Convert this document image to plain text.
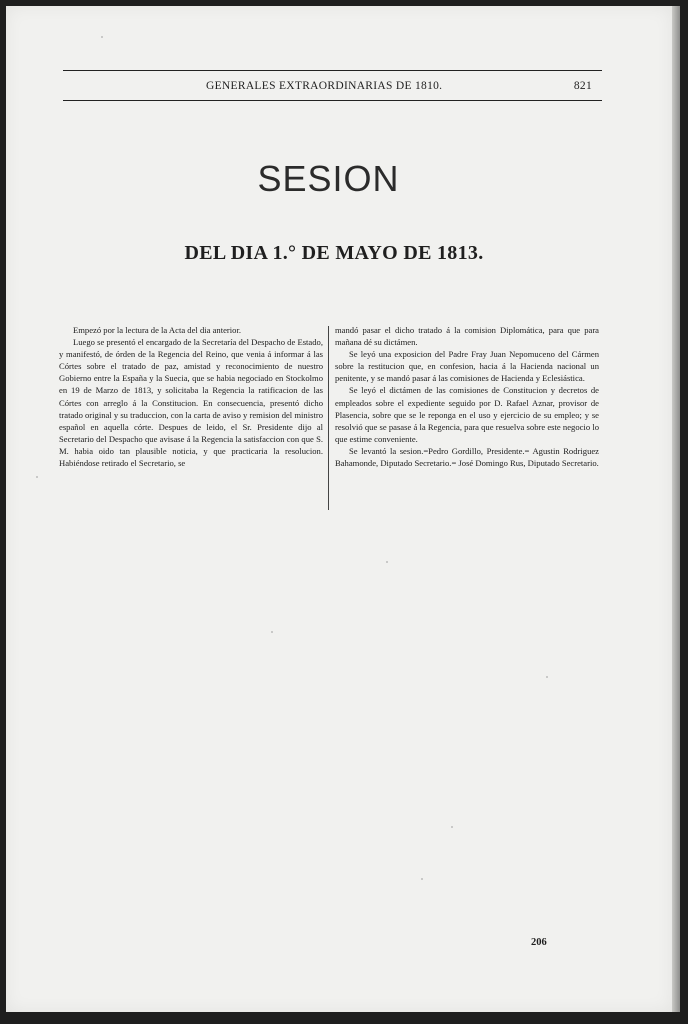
GENERALES EXTRAORDINARIAS DE 1810.	821
SESION
DEL DIA 1.° DE MAYO DE 1813.

Empezó por la lectura de la Acta del dia anterior.

Luego se presentó el encargado de la Secretaría del Despacho de Estado, y manifestó, de órden de la Regencia del Reino, que venia á informar á las Córtes sobre el tratado de paz, amistad y reconocimiento de nuestro Gobierno entre la España y la Suecia, que se habia negociado en Stockolmo en 19 de Marzo de 1813, y solicitaba la Regencia la ratificacion de las Córtes con arreglo á la Constitucion. En consecuencia, presentó dicho tratado original y su traduccion, con la carta de aviso y remision del ministro español en aquella córte. Despues de leido, el Sr. Presidente dijo al Secretario del Despacho que avisase á la Regencia la satisfaccion con que S. M. habia oido tan plausible noticia, y que practicaria la resolucion. Habiéndose retirado el Secretario, se

mandó pasar el dicho tratado á la comision Diplomática, para que para mañana dé su dictámen.

Se leyó una exposicion del Padre Fray Juan Nepomuceno del Cármen sobre la restitucion que, en confesion, hacia á la Hacienda nacional un penitente, y se mandó pasar á las comisiones de Hacienda y Eclesiástica.

Se leyó el dictámen de las comisiones de Constitucion y decretos de empleados sobre el expediente seguido por D. Rafael Aznar, provisor de Plasencia, sobre que se le reponga en el uso y ejercicio de su empleo; y se resolvió que se pasase á la Regencia, para que resuelva sobre este negocio lo que estime conveniente.

Se levantó la sesion.=Pedro Gordillo, Presidente.= Agustin Rodriguez Bahamonde, Diputado Secretario.= José Domingo Rus, Diputado Secretario.

206
